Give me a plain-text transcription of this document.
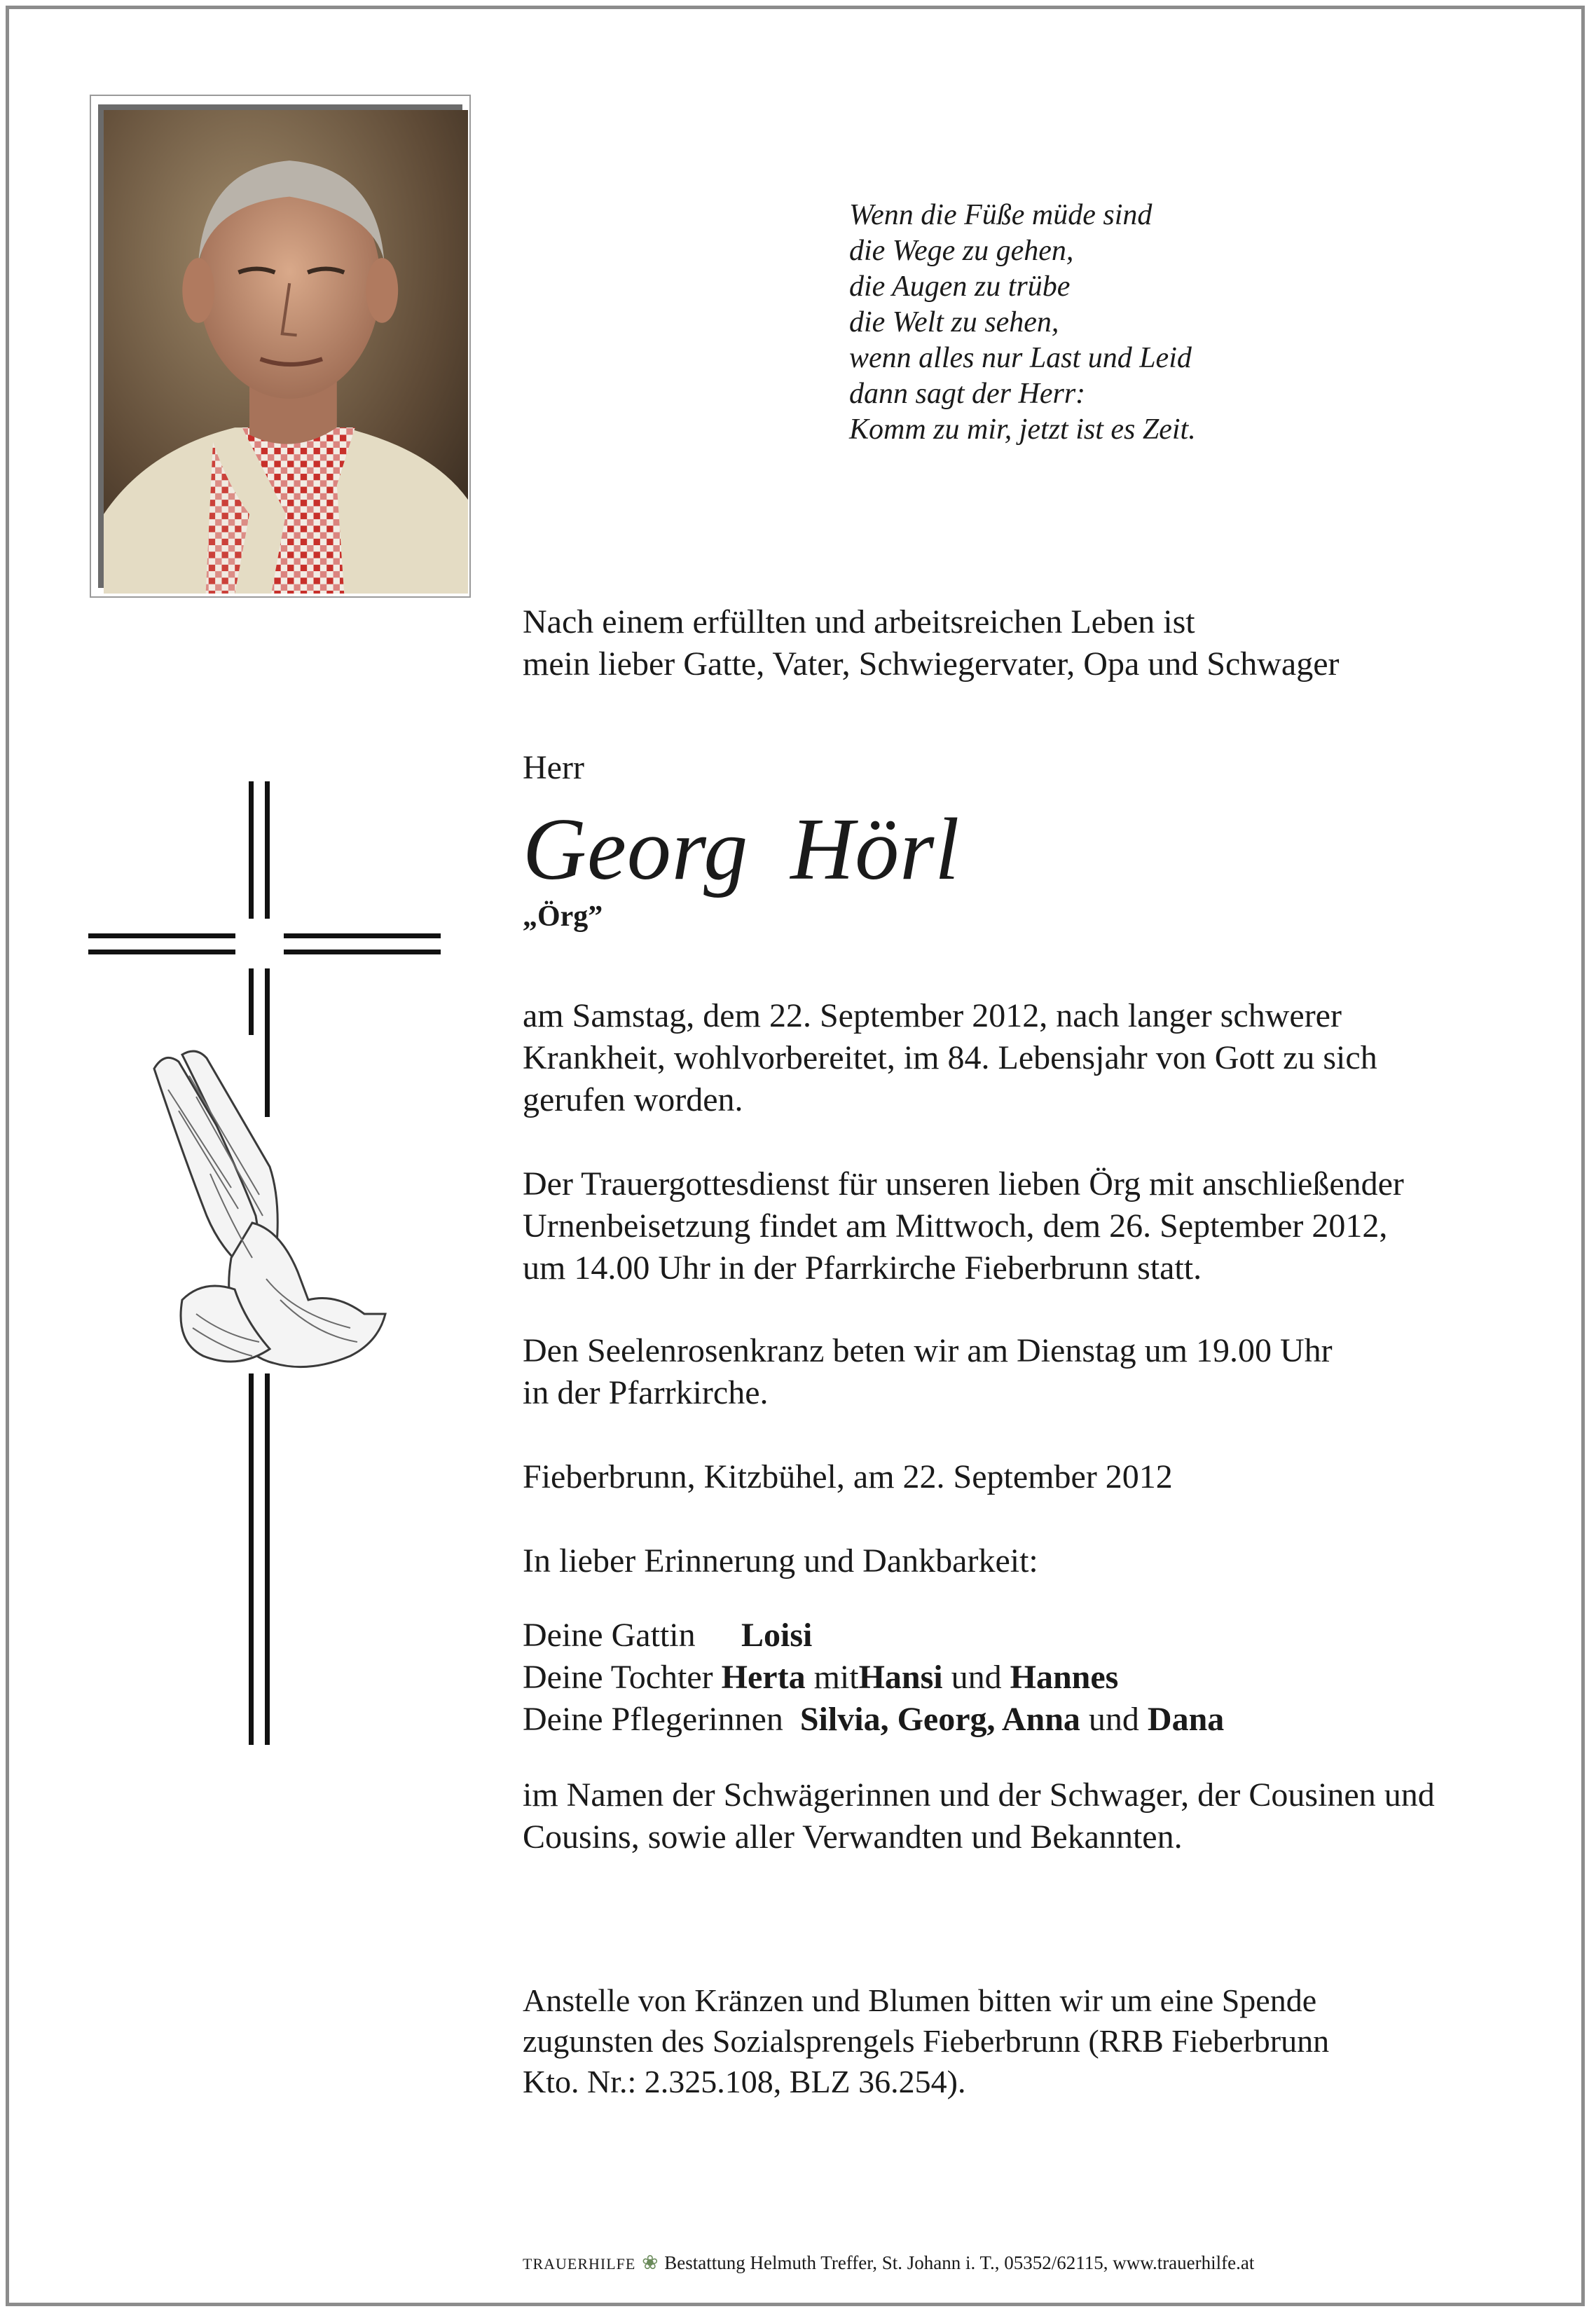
Wenn die Füße müde sind
die Wege zu gehen,
die Augen zu trübe
die Welt zu sehen,
wenn alles nur Last und Leid
dann sagt der Herr:
Komm zu mir, jetzt ist es Zeit.
Nach einem erfüllten und arbeitsreichen Leben ist
mein lieber Gatte, Vater, Schwiegervater, Opa und Schwager
Herr
Georg Hörl
„Örg”
am Samstag, dem 22. September 2012, nach langer schwerer
Krankheit, wohlvorbereitet, im 84. Lebensjahr von Gott zu sich
gerufen worden.
Der Trauergottesdienst für unseren lieben Örg mit anschließender
Urnenbeisetzung findet am Mittwoch, dem 26. September 2012,
um 14.00 Uhr in der Pfarrkirche Fieberbrunn statt.
Den Seelenrosenkranz beten wir am Dienstag um 19.00 Uhr
in der Pfarrkirche.
Fieberbrunn, Kitzbühel, am 22. September 2012
In lieber Erinnerung und Dankbarkeit:
Deine Gattin Loisi
Deine Tochter Herta mitHansi und Hannes
Deine Pflegerinnen Silvia, Georg, Anna und Dana
im Namen der Schwägerinnen und der Schwager, der Cousinen und
Cousins, sowie aller Verwandten und Bekannten.
Anstelle von Kränzen und Blumen bitten wir um eine Spende
zugunsten des Sozialsprengels Fieberbrunn (RRB Fieberbrunn
Kto. Nr.: 2.325.108, BLZ 36.254).
TRAUERHILFE ❀ Bestattung Helmuth Treffer, St. Johann i. T., 05352/62115, www.trauerhilfe.at
